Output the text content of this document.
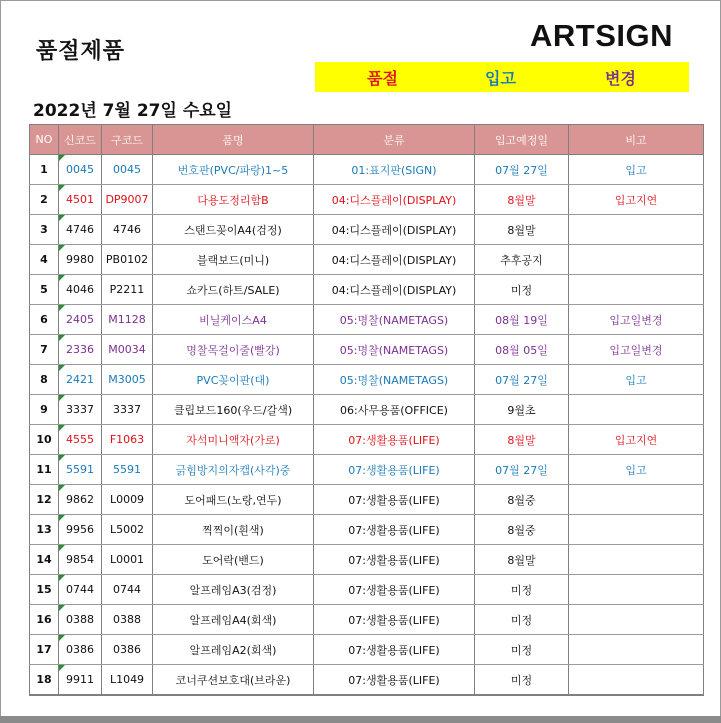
품절제품	ARTSIGN
품절	입고	변경
2022년 7월 27일 수요일
NO	신코드	구코드	품명	분류	입고예정일	비고
1	0045	0045	번호판(PVC/파랑)1~5	01:표지판(SIGN)	07월 27일	입고
2	4501	DP9007	다용도정리함B	04:디스플레이(DISPLAY)	8월말	입고지연
3	4746	4746	스탠드꽂이A4(검정)	04:디스플레이(DISPLAY)	8월말	
4	9980	PB0102	블랙보드(미니)	04:디스플레이(DISPLAY)	추후공지	
5	4046	P2211	쇼카드(하트/SALE)	04:디스플레이(DISPLAY)	미정	
6	2405	M1128	비닐케이스A4	05:명찰(NAMETAGS)	08월 19일	입고일변경
7	2336	M0034	명찰목걸이줄(빨강)	05:명찰(NAMETAGS)	08월 05일	입고일변경
8	2421	M3005	PVC꽂이판(대)	05:명찰(NAMETAGS)	07월 27일	입고
9	3337	3337	클립보드160(우드/갈색)	06:사무용품(OFFICE)	9월초	
10	4555	F1063	자석미니액자(가로)	07:생활용품(LIFE)	8월말	입고지연
11	5591	5591	긁힘방지의자캡(사각)중	07:생활용품(LIFE)	07월 27일	입고
12	9862	L0009	도어패드(노랑,연두)	07:생활용품(LIFE)	8월중	
13	9956	L5002	찍찍이(흰색)	07:생활용품(LIFE)	8월중	
14	9854	L0001	도어락(밴드)	07:생활용품(LIFE)	8월말	
15	0744	0744	알프레임A3(검정)	07:생활용품(LIFE)	미정	
16	0388	0388	알프레임A4(회색)	07:생활용품(LIFE)	미정	
17	0386	0386	알프레임A2(회색)	07:생활용품(LIFE)	미정	
18	9911	L1049	코너쿠션보호대(브라운)	07:생활용품(LIFE)	미정	
